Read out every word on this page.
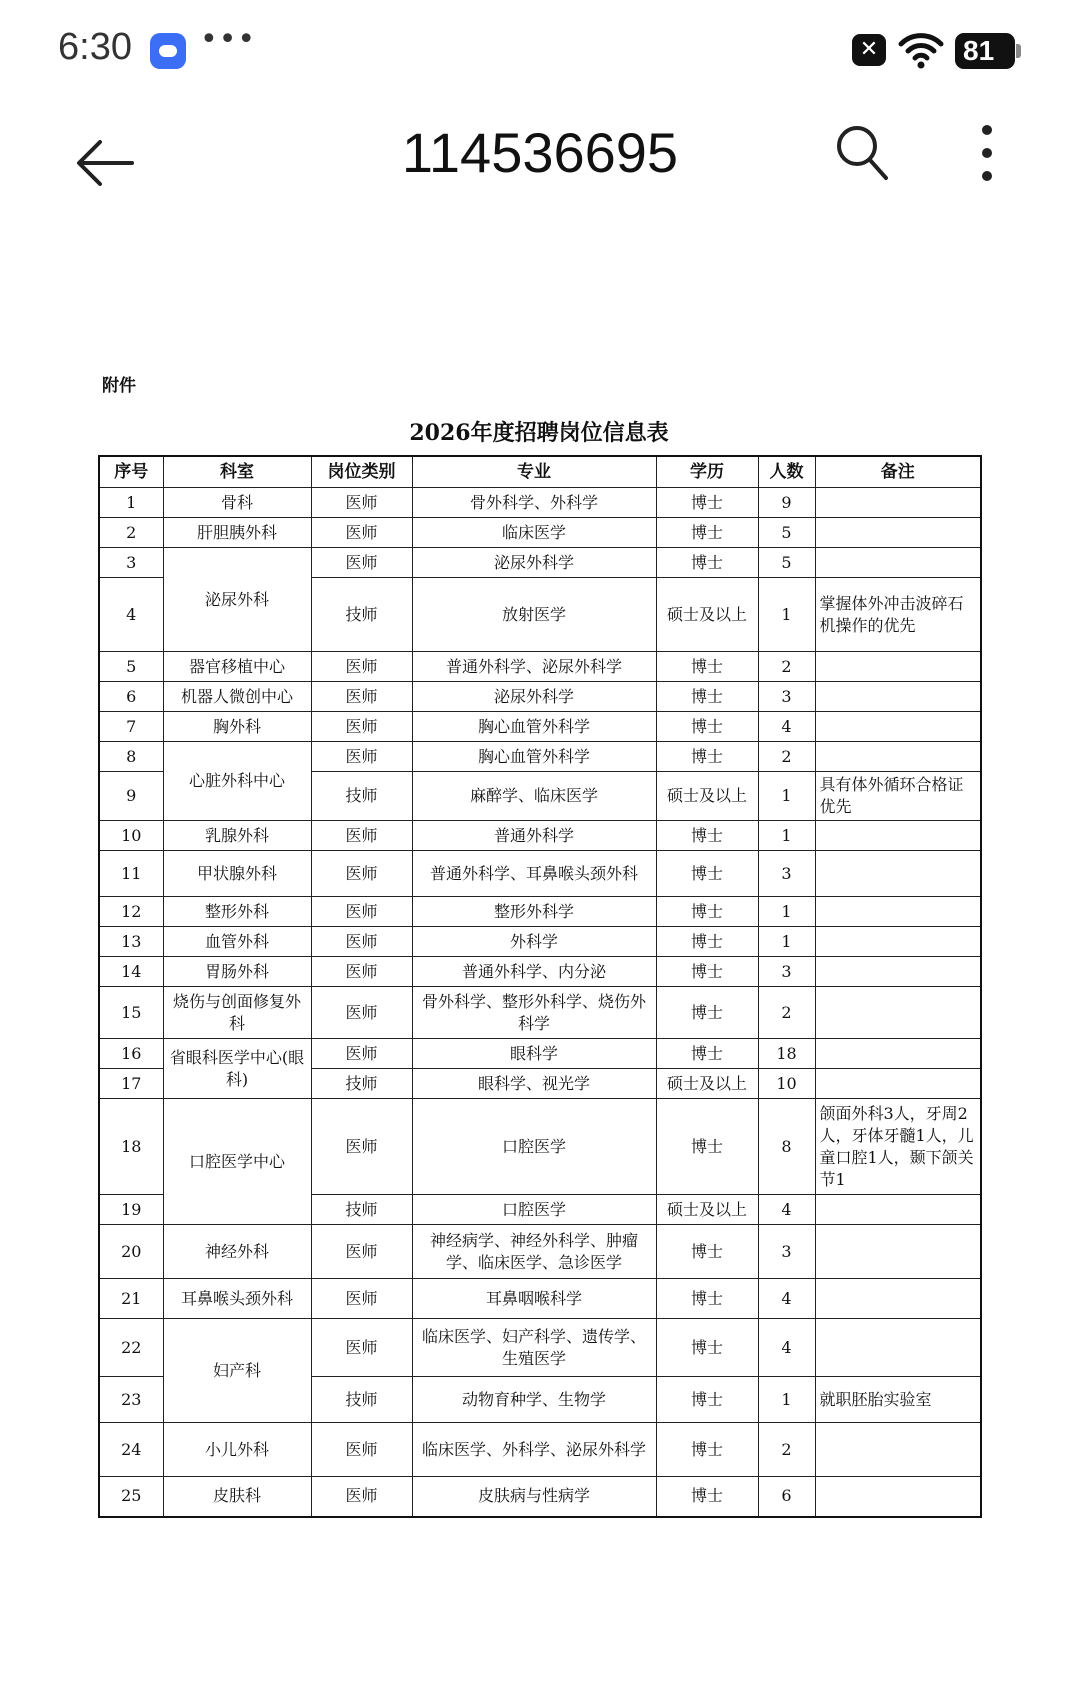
6:30 •••	✕	81
114536695
附件
2026年度招聘岗位信息表
序号	科室	岗位类别	专业	学历	人数	备注
1	骨科	医师	骨外科学、外科学	博士	9	
2	肝胆胰外科	医师	临床医学	博士	5	
3	泌尿外科	医师	泌尿外科学	博士	5	
4		技师	放射医学	硕士及以上	1	掌握体外冲击波碎石机操作的优先
5	器官移植中心	医师	普通外科学、泌尿外科学	博士	2	
6	机器人微创中心	医师	泌尿外科学	博士	3	
7	胸外科	医师	胸心血管外科学	博士	4	
8	心脏外科中心	医师	胸心血管外科学	博士	2	
9		技师	麻醉学、临床医学	硕士及以上	1	具有体外循环合格证优先
10	乳腺外科	医师	普通外科学	博士	1	
11	甲状腺外科	医师	普通外科学、耳鼻喉头颈外科	博士	3	
12	整形外科	医师	整形外科学	博士	1	
13	血管外科	医师	外科学	博士	1	
14	胃肠外科	医师	普通外科学、内分泌	博士	3	
15	烧伤与创面修复外科	医师	骨外科学、整形外科学、烧伤外科学	博士	2	
16	省眼科医学中心(眼科)	医师	眼科学	博士	18	
17		技师	眼科学、视光学	硕士及以上	10	
18	口腔医学中心	医师	口腔医学	博士	8	颌面外科3人，牙周2人，牙体牙髓1人，儿童口腔1人，颞下颌关节1
19		技师	口腔医学	硕士及以上	4	
20	神经外科	医师	神经病学、神经外科学、肿瘤学、临床医学、急诊医学	博士	3	
21	耳鼻喉头颈外科	医师	耳鼻咽喉科学	博士	4	
22	妇产科	医师	临床医学、妇产科学、遗传学、生殖医学	博士	4	
23		技师	动物育种学、生物学	博士	1	就职胚胎实验室
24	小儿外科	医师	临床医学、外科学、泌尿外科学	博士	2	
25	皮肤科	医师	皮肤病与性病学	博士	6	
